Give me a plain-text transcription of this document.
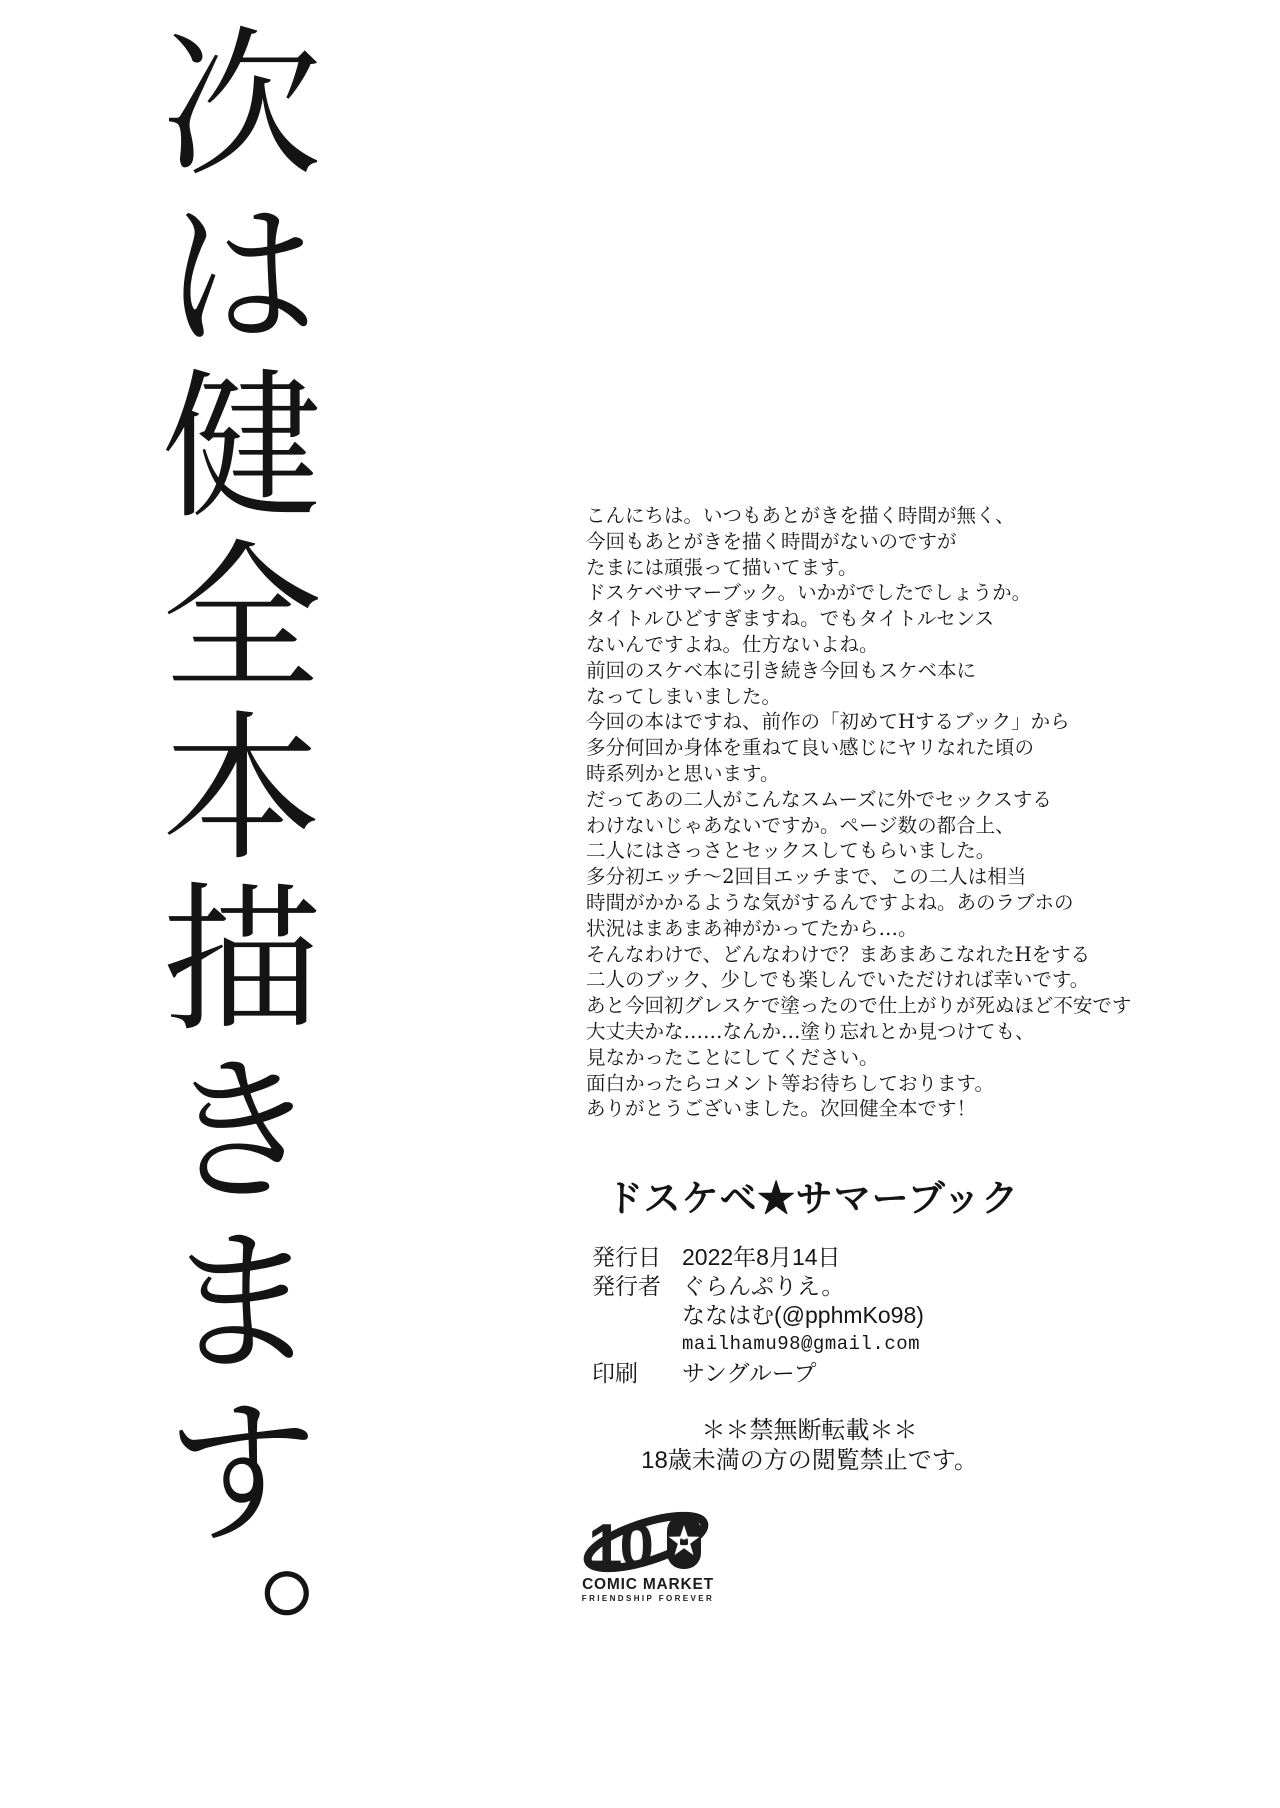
次は健全本描きます。	こんにちは。いつもあとがきを描く時間が無く、
今回もあとがきを描く時間がないのですが
たまには頑張って描いてます。
ドスケベサマーブック。いかがでしたでしょうか。
タイトルひどすぎますね。でもタイトルセンス
ないんですよね。仕方ないよね。
前回のスケベ本に引き続き今回もスケベ本に
なってしまいました。
今回の本はですね、前作の「初めてHするブック」から
多分何回か身体を重ねて良い感じにヤリなれた頃の
時系列かと思います。
だってあの二人がこんなスムーズに外でセックスする
わけないじゃあないですか。ページ数の都合上、
二人にはさっさとセックスしてもらいました。
多分初エッチ〜2回目エッチまで、この二人は相当
時間がかかるような気がするんですよね。あのラブホの
状況はまあまあ神がかってたから…。
そんなわけで、どんなわけで？まあまあこなれたHをする
二人のブック、少しでも楽しんでいただければ幸いです。
あと今回初グレスケで塗ったので仕上がりが死ぬほど不安です
大丈夫かな……なんか…塗り忘れとか見つけても、
見なかったことにしてください。
面白かったらコメント等お待ちしております。
ありがとうございました。次回健全本です！
ドスケベ★サマーブック
発行日 2022年8月14日
発行者 ぐらんぷりえ。
ななはむ(@pphmKo98)
mailhamu98@gmail.com
印刷	サングループ
＊＊禁無断転載＊＊
18歳未満の方の閲覧禁止です。
10
COMIC MARKET
FRIENDSHIP FOREVER
